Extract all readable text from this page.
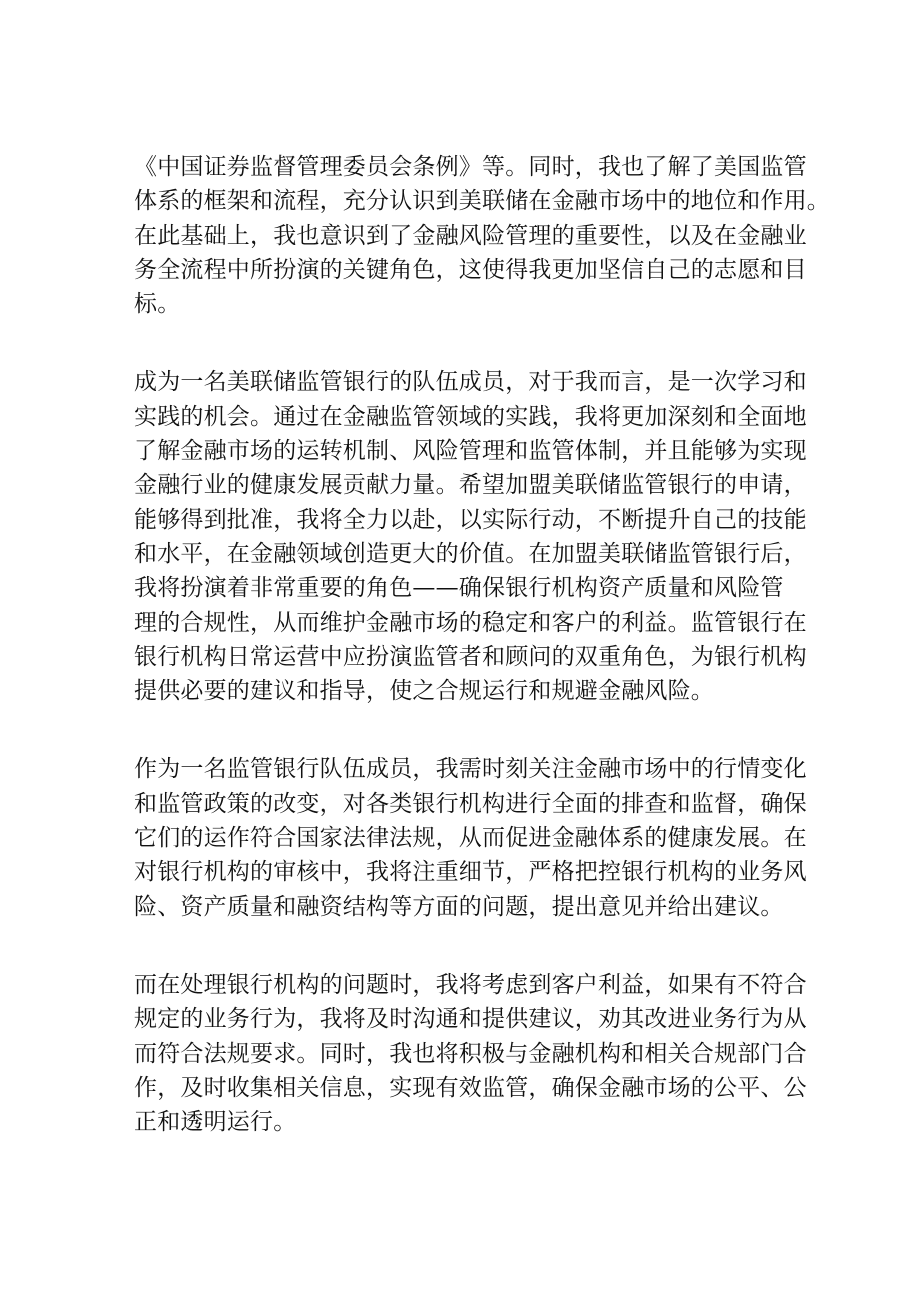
《中国证券监督管理委员会条例》等。同时，我也了解了美国监管
体系的框架和流程，充分认识到美联储在金融市场中的地位和作用。
在此基础上，我也意识到了金融风险管理的重要性，以及在金融业
务全流程中所扮演的关键角色，这使得我更加坚信自己的志愿和目
标。
成为一名美联储监管银行的队伍成员，对于我而言，是一次学习和
实践的机会。通过在金融监管领域的实践，我将更加深刻和全面地
了解金融市场的运转机制、风险管理和监管体制，并且能够为实现
金融行业的健康发展贡献力量。希望加盟美联储监管银行的申请，
能够得到批准，我将全力以赴，以实际行动，不断提升自己的技能
和水平，在金融领域创造更大的价值。在加盟美联储监管银行后，
我将扮演着非常重要的角色——确保银行机构资产质量和风险管
理的合规性，从而维护金融市场的稳定和客户的利益。监管银行在
银行机构日常运营中应扮演监管者和顾问的双重角色，为银行机构
提供必要的建议和指导，使之合规运行和规避金融风险。
作为一名监管银行队伍成员，我需时刻关注金融市场中的行情变化
和监管政策的改变，对各类银行机构进行全面的排查和监督，确保
它们的运作符合国家法律法规，从而促进金融体系的健康发展。在
对银行机构的审核中，我将注重细节，严格把控银行机构的业务风
险、资产质量和融资结构等方面的问题，提出意见并给出建议。
而在处理银行机构的问题时，我将考虑到客户利益，如果有不符合
规定的业务行为，我将及时沟通和提供建议，劝其改进业务行为从
而符合法规要求。同时，我也将积极与金融机构和相关合规部门合
作，及时收集相关信息，实现有效监管，确保金融市场的公平、公
正和透明运行。
